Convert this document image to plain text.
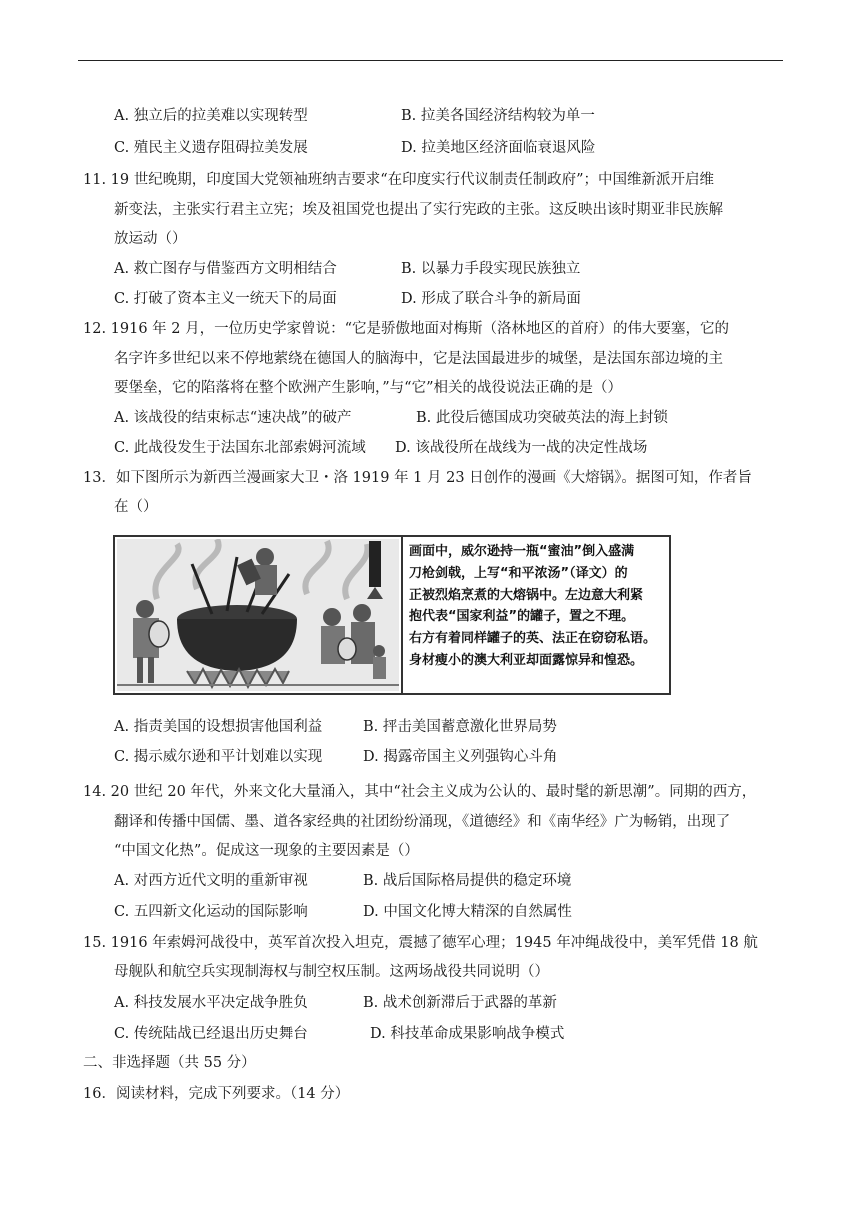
A. 独立后的拉美难以实现转型	B. 拉美各国经济结构较为单一
C. 殖民主义遗存阻碍拉美发展	D. 拉美地区经济面临衰退风险
11. 19 世纪晚期，印度国大党领袖班纳吉要求“在印度实行代议制责任制政府”；中国维新派开启维
新变法，主张实行君主立宪；埃及祖国党也提出了实行宪政的主张。这反映出该时期亚非民族解
放运动（）
A. 救亡图存与借鉴西方文明相结合	B. 以暴力手段实现民族独立
C. 打破了资本主义一统天下的局面	D. 形成了联合斗争的新局面
12. 1916 年 2 月，一位历史学家曾说：“它是骄傲地面对梅斯（洛林地区的首府）的伟大要塞，它的
名字许多世纪以来不停地萦绕在德国人的脑海中，它是法国最进步的城堡，是法国东部边境的主
要堡垒，它的陷落将在整个欧洲产生影响，”与“它”相关的战役说法正确的是（）
A. 该战役的结束标志“速决战”的破产	B. 此役后德国成功突破英法的海上封锁
C. 此战役发生于法国东北部索姆河流域 D. 该战役所在战线为一战的决定性战场
13．如下图所示为新西兰漫画家大卫・洛 1919 年 1 月 23 日创作的漫画《大熔锅》。据图可知，作者旨
在（）
画面中，威尔逊持一瓶“蜜油”倒入盛满
刀枪剑戟，上写“和平浓汤”（译文）的
正被烈焰烹煮的大熔锅中。左边意大利紧
抱代表“国家利益”的罐子，置之不理。
右方有着同样罐子的英、法正在窃窃私语。
身材瘦小的澳大利亚却面露惊异和惶恐。
A. 指责美国的设想损害他国利益	B. 抨击美国蓄意激化世界局势
C. 揭示威尔逊和平计划难以实现	D. 揭露帝国主义列强钩心斗角
14. 20 世纪 20 年代，外来文化大量涌入，其中“社会主义成为公认的、最时髦的新思潮”。同期的西方，
翻译和传播中国儒、墨、道各家经典的社团纷纷涌现，《道德经》和《南华经》广为畅销，出现了
“中国文化热”。促成这一现象的主要因素是（）
A. 对西方近代文明的重新审视	B. 战后国际格局提供的稳定环境
C. 五四新文化运动的国际影响	D. 中国文化博大精深的自然属性
15. 1916 年索姆河战役中，英军首次投入坦克，震撼了德军心理；1945 年冲绳战役中，美军凭借 18 航
母舰队和航空兵实现制海权与制空权压制。这两场战役共同说明（）
A. 科技发展水平决定战争胜负	B. 战术创新滞后于武器的革新
C. 传统陆战已经退出历史舞台	D. 科技革命成果影响战争模式
二、非选择题（共 55 分）
16．阅读材料，完成下列要求。（14 分）
